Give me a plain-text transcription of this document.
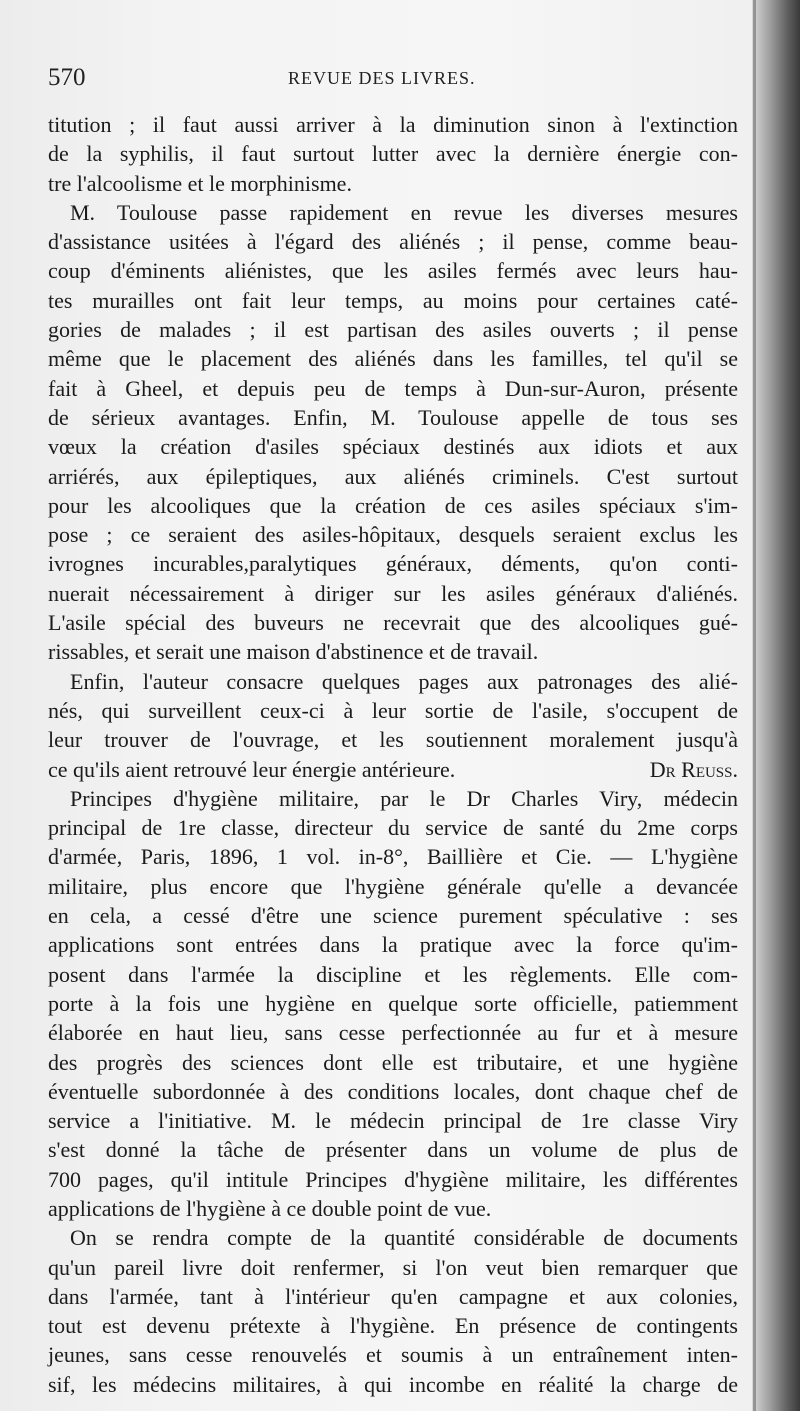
570	REVUE DES LIVRES.
titution ; il faut aussi arriver à la diminution sinon à l'extinction
de la syphilis, il faut surtout lutter avec la dernière énergie con-
tre l'alcoolisme et le morphinisme.
M. Toulouse passe rapidement en revue les diverses mesures
d'assistance usitées à l'égard des aliénés ; il pense, comme beau-
coup d'éminents aliénistes, que les asiles fermés avec leurs hau-
tes murailles ont fait leur temps, au moins pour certaines caté-
gories de malades ; il est partisan des asiles ouverts ; il pense
même que le placement des aliénés dans les familles, tel qu'il se
fait à Gheel, et depuis peu de temps à Dun-sur-Auron, présente
de sérieux avantages. Enfin, M. Toulouse appelle de tous ses
vœux la création d'asiles spéciaux destinés aux idiots et aux
arriérés, aux épileptiques, aux aliénés criminels. C'est surtout
pour les alcooliques que la création de ces asiles spéciaux s'im-
pose ; ce seraient des asiles-hôpitaux, desquels seraient exclus les
ivrognes incurables,paralytiques généraux, déments, qu'on conti-
nuerait nécessairement à diriger sur les asiles généraux d'aliénés.
L'asile spécial des buveurs ne recevrait que des alcooliques gué-
rissables, et serait une maison d'abstinence et de travail.
Enfin, l'auteur consacre quelques pages aux patronages des alié-
nés, qui surveillent ceux-ci à leur sortie de l'asile, s'occupent de
leur trouver de l'ouvrage, et les soutiennent moralement jusqu'à
ce qu'ils aient retrouvé leur énergie antérieure.	Dr Reuss.
Principes d'hygiène militaire, par le Dr Charles Viry, médecin
principal de 1re classe, directeur du service de santé du 2me corps
d'armée, Paris, 1896, 1 vol. in-8°, Baillière et Cie. — L'hygiène
militaire, plus encore que l'hygiène générale qu'elle a devancée
en cela, a cessé d'être une science purement spéculative : ses
applications sont entrées dans la pratique avec la force qu'im-
posent dans l'armée la discipline et les règlements. Elle com-
porte à la fois une hygiène en quelque sorte officielle, patiemment
élaborée en haut lieu, sans cesse perfectionnée au fur et à mesure
des progrès des sciences dont elle est tributaire, et une hygiène
éventuelle subordonnée à des conditions locales, dont chaque chef de
service a l'initiative. M. le médecin principal de 1re classe Viry
s'est donné la tâche de présenter dans un volume de plus de
700 pages, qu'il intitule Principes d'hygiène militaire, les différentes
applications de l'hygiène à ce double point de vue.
On se rendra compte de la quantité considérable de documents
qu'un pareil livre doit renfermer, si l'on veut bien remarquer que
dans l'armée, tant à l'intérieur qu'en campagne et aux colonies,
tout est devenu prétexte à l'hygiène. En présence de contingents
jeunes, sans cesse renouvelés et soumis à un entraînement inten-
sif, les médecins militaires, à qui incombe en réalité la charge de
